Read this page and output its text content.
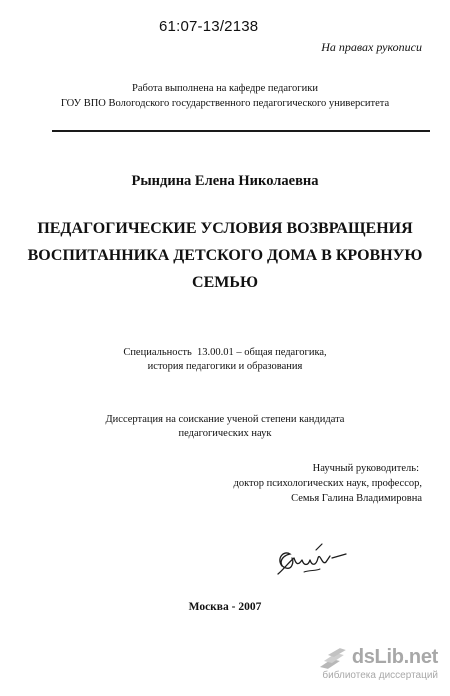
61:07-13/2138
На правах рукописи
Работа выполнена на кафедре педагогики
ГОУ ВПО Вологодского государственного педагогического университета
Рындина Елена Николаевна
ПЕДАГОГИЧЕСКИЕ УСЛОВИЯ ВОЗВРАЩЕНИЯ
ВОСПИТАННИКА ДЕТСКОГО ДОМА В КРОВНУЮ
СЕМЬЮ
Специальность  13.00.01 – общая педагогика,
история педагогики и образования
Диссертация на соискание ученой степени кандидата
педагогических наук
Научный руководитель:
доктор психологических наук, профессор,
Семья Галина Владимировна
Москва - 2007
dsLib.net
библиотека диссертаций
